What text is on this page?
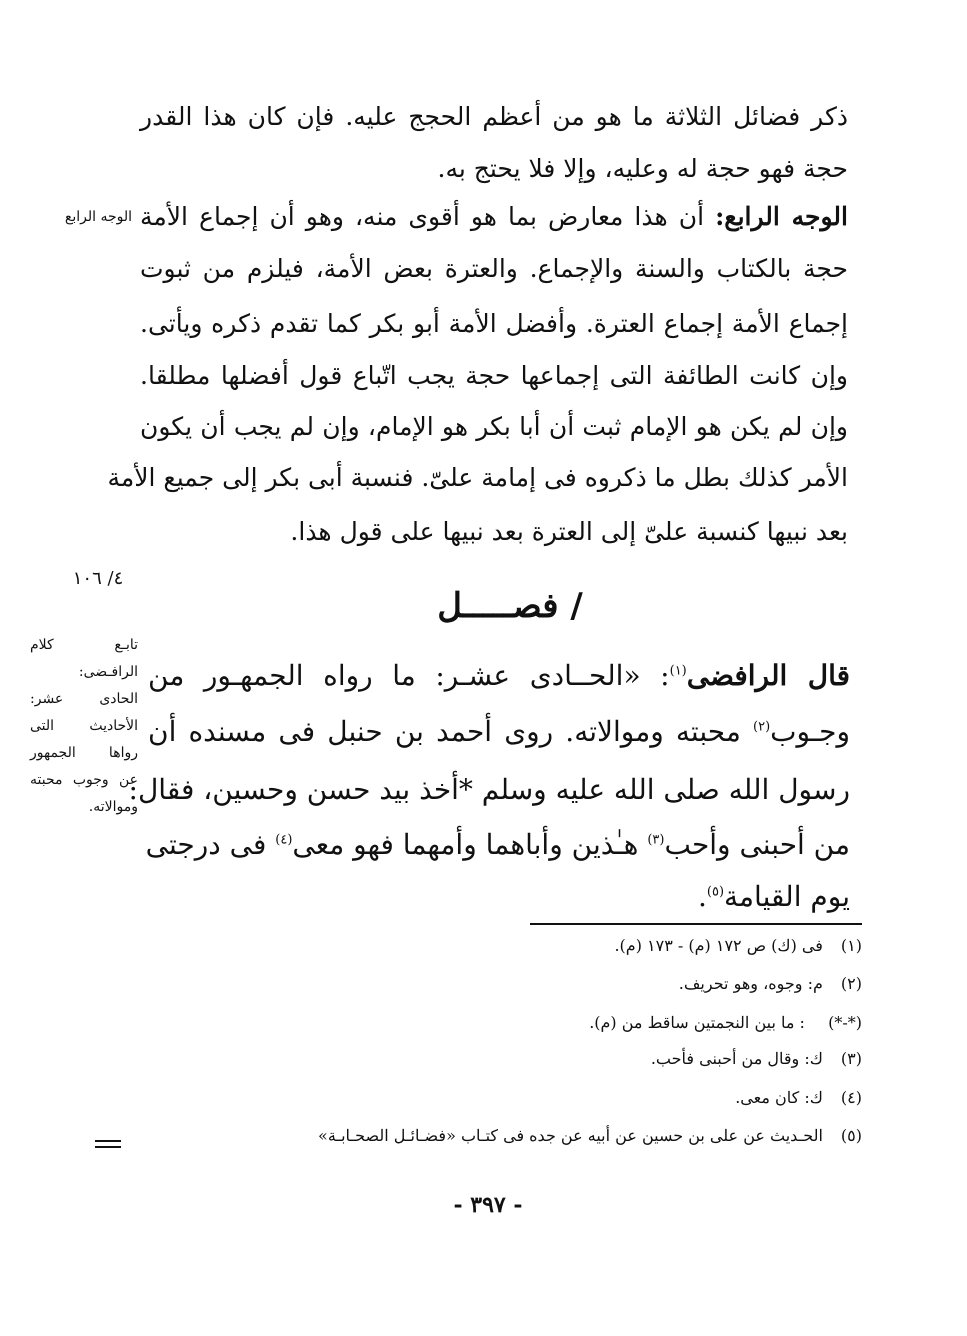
ذكر فضائل الثلاثة ما هو من أعظم الحجج عليه. فإن كان هذا القدر
حجة فهو حجة له وعليه، وإلا فلا يحتج به.
الوجه الرابع: أن هذا معارض بما هو أقوى منه، وهو أن إجماع الأمة
حجة بالكتاب والسنة والإجماع. والعترة بعض الأمة، فيلزم من ثبوت
إجماع الأمة إجماع العترة. وأفضل الأمة أبو بكر كما تقدم ذكره ويأتى.
وإن كانت الطائفة التى إجماعها حجة يجب اتّباع قول أفضلها مطلقا.
وإن لم يكن هو الإمام ثبت أن أبا بكر هو الإمام، وإن لم يجب أن يكون
الأمر كذلك بطل ما ذكروه فى إمامة علىّ. فنسبة أبى بكر إلى جميع الأمة
بعد نبيها كنسبة علىّ إلى العترة بعد نبيها على قول هذا.
الوجه الرابع
٤/ ١٠٦
تابـع كلام
الرافـضى:
الحادى عشر:
الأحاديث التى
رواها الجمهور
عن وجوب محبته
وموالاته.
/ فصـــــل
قال الرافضى$^{(١)}$: «الحــادى عشـر: ما رواه الجمهـور من
وجـوب$^{(٢)}$ محبته وموالاته. روى أحمد بن حنبل فى مسنده أن
رسول الله صلى الله عليه وسلم *أخذ بيد حسن وحسين، فقال:
من أحبنى وأحب$^{(٣)}$ هـٰذين وأباهما وأمهما فهو معى$^{(٤)}$ فى درجتى
يوم القيامة$^{(٥)}$.
(١) فى (ك) ص ١٧٢ (م) - ١٧٣ (م).
(٢) م: وجوه، وهو تحريف.
(*-*) : ما بين النجمتين ساقط من (م).
(٣) ك: وقال من أحبنى فأحب.
(٤) ك: كان معى.
(٥) الحـديث عن على بن حسين عن أبيه عن جده فى كتـاب «فضـائـل الصحـابـة»
- ٣٩٧ -
